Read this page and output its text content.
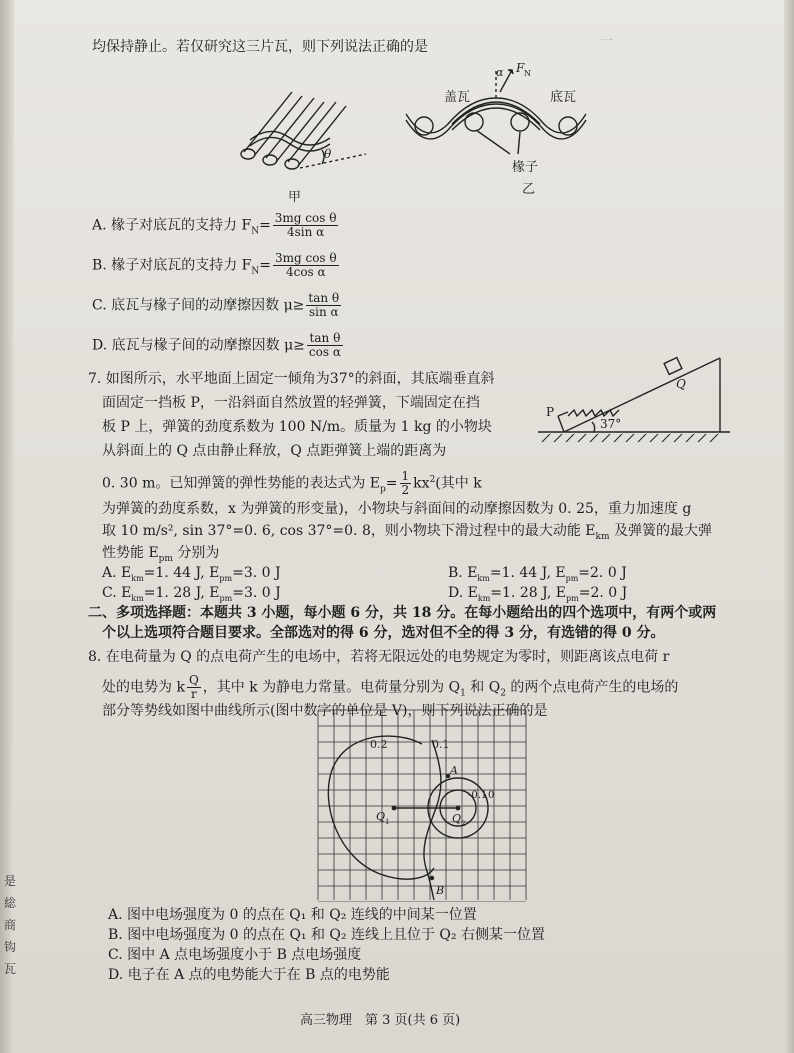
一　　　　　　　
均保持静止。若仅研究这三片瓦，则下列说法正确的是
θ
甲
α F N
盖瓦	底瓦
椽子
乙
A. 椽子对底瓦的支持力 $F_N= \frac{\text{3mg cos θ}}{\text{4sin α}}$
B. 椽子对底瓦的支持力 $F_N= \frac{\text{3mg cos θ}}{\text{4cos α}}$
C. 底瓦与椽子间的动摩擦因数 $\mu\ge \frac{\text{tan θ}}{\text{sin α}}$
D. 底瓦与椽子间的动摩擦因数 $\mu\ge \frac{\text{tan θ}}{\text{cos α}}$
7. 如图所示，水平地面上固定一倾角为37°的斜面，其底端垂直斜
面固定一挡板 P，一沿斜面自然放置的轻弹簧，下端固定在挡
板 P 上，弹簧的劲度系数为 100 N/m。质量为 1 kg 的小物块
从斜面上的 Q 点由静止释放，Q 点距弹簧上端的距离为
0. 30 m。已知弹簧的弹性势能的表达式为 $E_p= \frac{1}{2} kx^2$(其中 k
P
Q
37°
为弹簧的劲度系数，x 为弹簧的形变量)，小物块与斜面间的动摩擦因数为 0. 25，重力加速度 g
取 10 m/s², sin 37°=0. 6, cos 37°=0. 8，则小物块下滑过程中的最大动能 $E_{km}$ 及弹簧的最大弹
性势能 $E_{pm}$ 分别为
A. $E_{km}=1$. 44 J, $E_{pm}=3$. 0 J	B. $E_{km}=1$. 44 J, $E_{pm}=2$. 0 J
C. $E_{km}=1$. 28 J, $E_{pm}=3$. 0 J	D. $E_{km}=1$. 28 J, $E_{pm}=2$. 0 J
二、多项选择题：本题共 3 小题，每小题 6 分，共 18 分。在每小题给出的四个选项中，有两个或两
个以上选项符合题目要求。全部选对的得 6 分，选对但不全的得 3 分，有选错的得 0 分。
8. 在电荷量为 Q 的点电荷产生的电场中，若将无限远处的电势规定为零时，则距离该点电荷 r
处的电势为 k $\frac{Q}{r}$ ，其中 k 为静电力常量。电荷量分别为 $Q_1$ 和 $Q_2$ 的两个点电荷产生的电场的
部分等势线如图中曲线所示(图中数字的单位是 V)，则下列说法正确的是
0.2	0.1
-0.1 0
A
B
Q 1	Q 2
A. 图中电场强度为 0 的点在 Q₁ 和 Q₂ 连线的中间某一位置
B. 图中电场强度为 0 的点在 Q₁ 和 Q₂ 连线上且位于 Q₂ 右侧某一位置
C. 图中 A 点电场强度小于 B 点电场强度
D. 电子在 A 点的电势能大于在 B 点的电势能
是 総 商 钩 瓦
高三物理　第 3 页(共 6 页)
